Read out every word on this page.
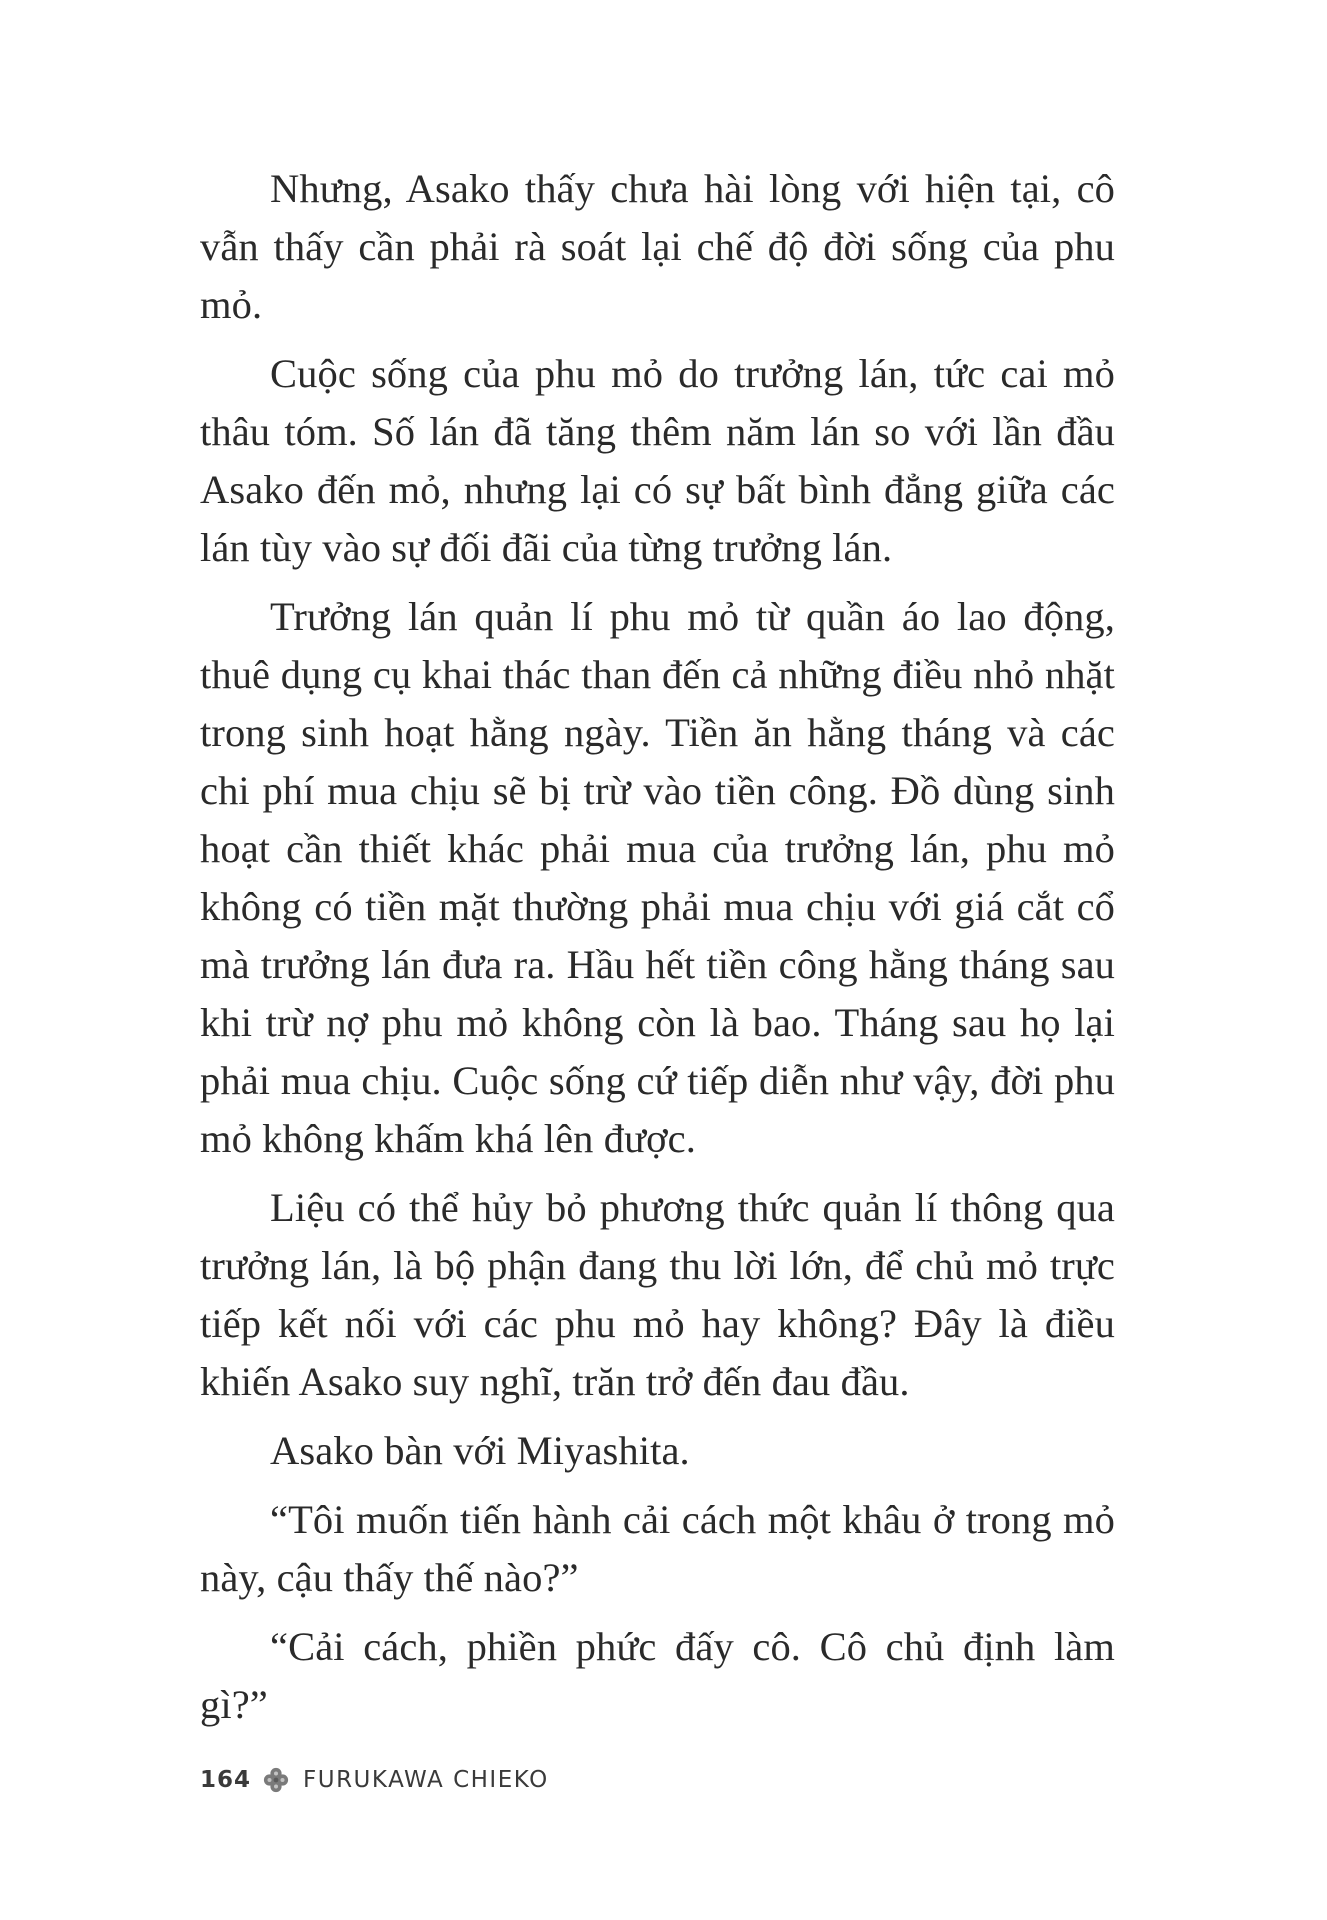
Nhưng, Asako thấy chưa hài lòng với hiện tại, cô vẫn thấy cần phải rà soát lại chế độ đời sống của phu mỏ.

Cuộc sống của phu mỏ do trưởng lán, tức cai mỏ thâu tóm. Số lán đã tăng thêm năm lán so với lần đầu Asako đến mỏ, nhưng lại có sự bất bình đẳng giữa các lán tùy vào sự đối đãi của từng trưởng lán.

Trưởng lán quản lí phu mỏ từ quần áo lao động, thuê dụng cụ khai thác than đến cả những điều nhỏ nhặt trong sinh hoạt hằng ngày. Tiền ăn hằng tháng và các chi phí mua chịu sẽ bị trừ vào tiền công. Đồ dùng sinh hoạt cần thiết khác phải mua của trưởng lán, phu mỏ không có tiền mặt thường phải mua chịu với giá cắt cổ mà trưởng lán đưa ra. Hầu hết tiền công hằng tháng sau khi trừ nợ phu mỏ không còn là bao. Tháng sau họ lại phải mua chịu. Cuộc sống cứ tiếp diễn như vậy, đời phu mỏ không khấm khá lên được.

Liệu có thể hủy bỏ phương thức quản lí thông qua trưởng lán, là bộ phận đang thu lời lớn, để chủ mỏ trực tiếp kết nối với các phu mỏ hay không? Đây là điều khiến Asako suy nghĩ, trăn trở đến đau đầu.

Asako bàn với Miyashita.

“Tôi muốn tiến hành cải cách một khâu ở trong mỏ này, cậu thấy thế nào?”

“Cải cách, phiền phức đấy cô. Cô chủ định làm gì?”

164 FURUKAWA CHIEKO
